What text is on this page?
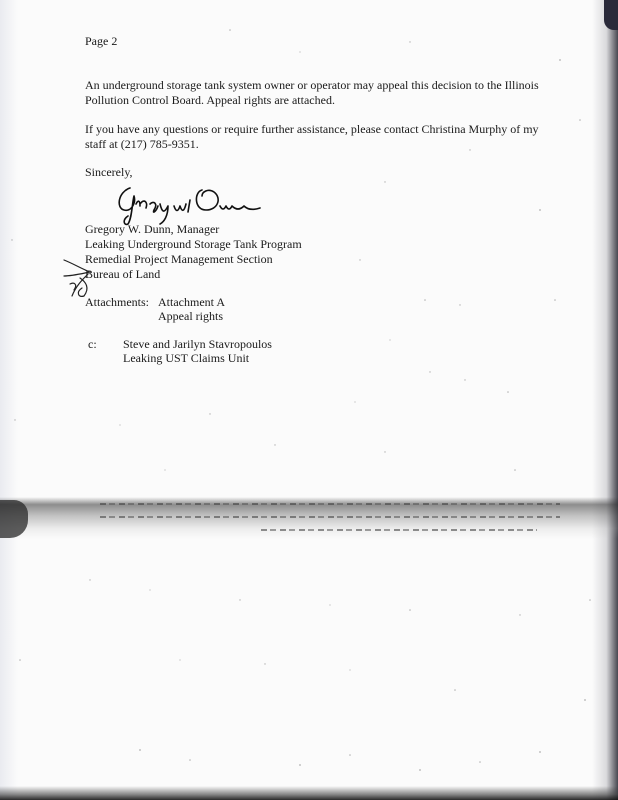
Page 2
An underground storage tank system owner or operator may appeal this decision to the Illinois
Pollution Control Board. Appeal rights are attached.
If you have any questions or require further assistance, please contact Christina Murphy of my
staff at (217) 785-9351.
Sincerely,
Gregory W. Dunn, Manager
Leaking Underground Storage Tank Program
Remedial Project Management Section
Bureau of Land
Attachments: Attachment A
Appeal rights
c: Steve and Jarilyn Stavropoulos
Leaking UST Claims Unit
